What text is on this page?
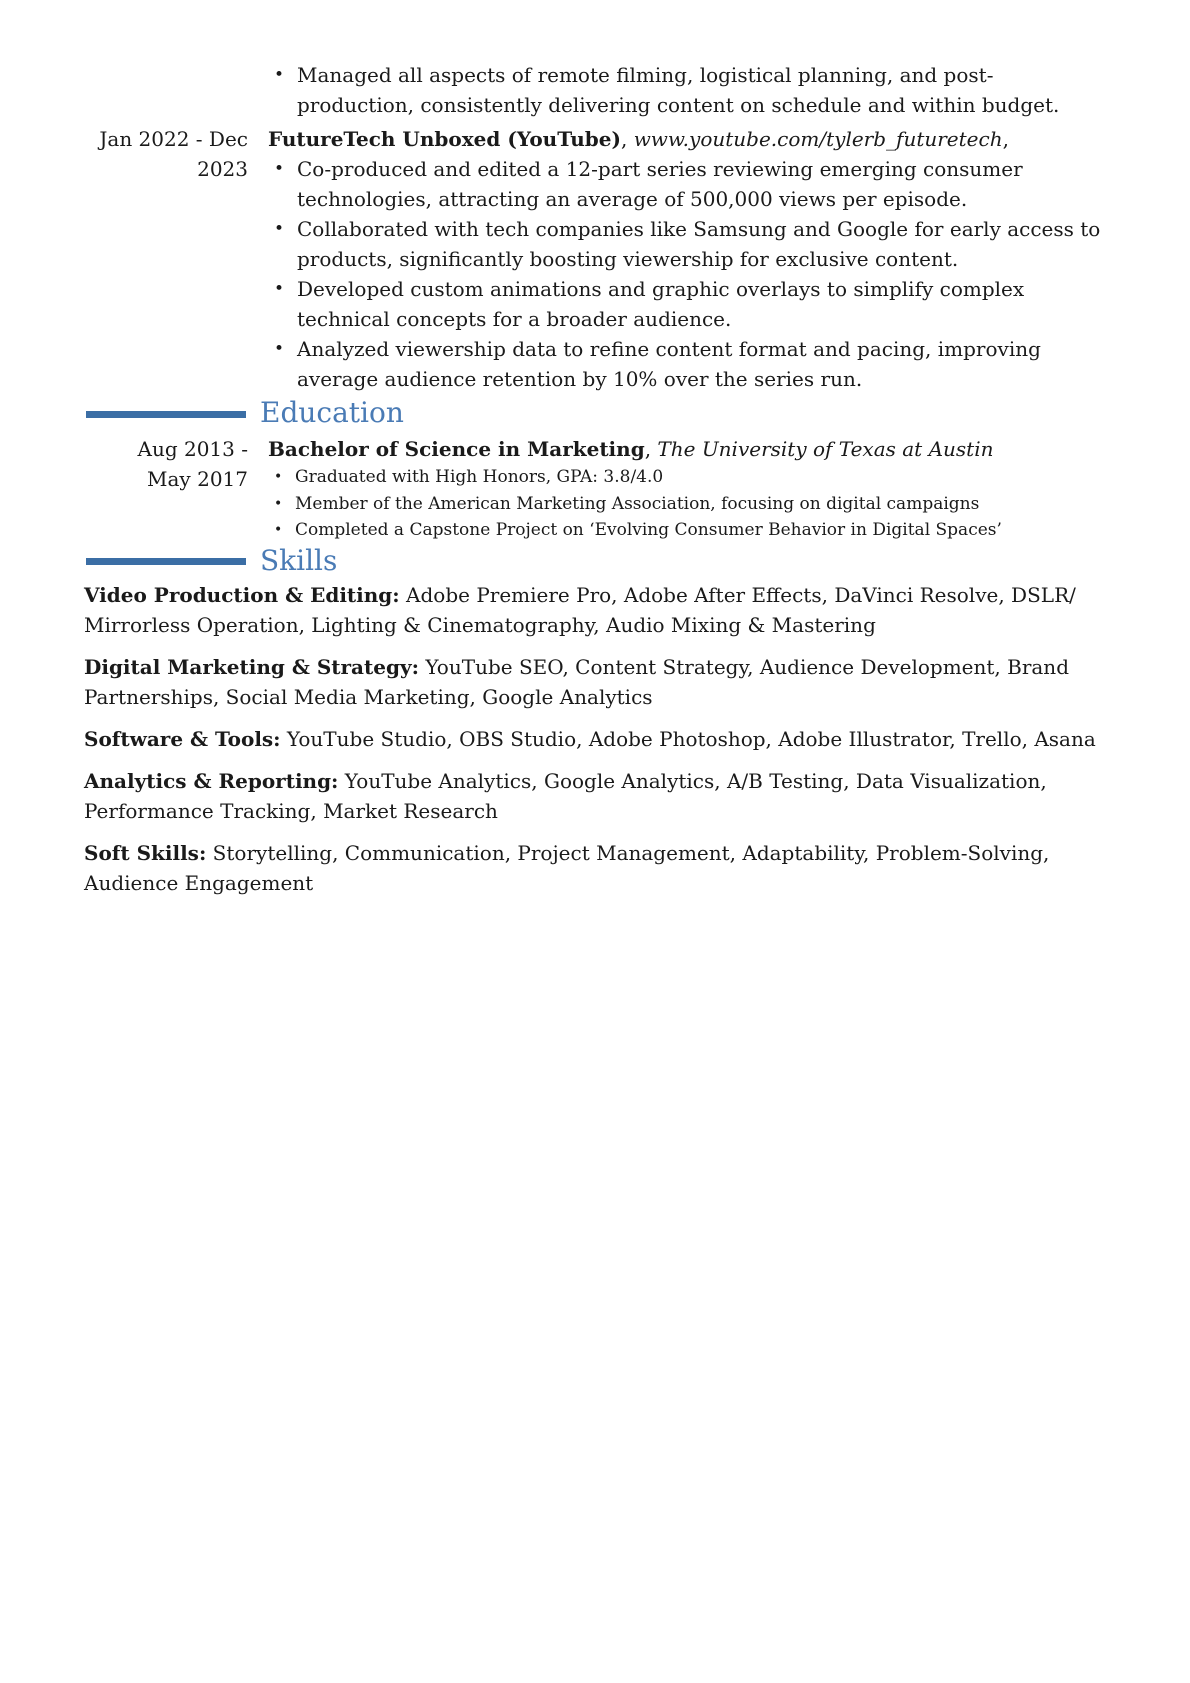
• Managed all aspects of remote filming, logistical planning, and post-production, consistently delivering content on schedule and within budget.
Jan 2022 - Dec
2023
FutureTech Unboxed (YouTube), www.youtube.com/tylerb_futuretech,
• Co-produced and edited a 12-part series reviewing emerging consumer technologies, attracting an average of 500,000 views per episode.
• Collaborated with tech companies like Samsung and Google for early access to products, significantly boosting viewership for exclusive content.
• Developed custom animations and graphic overlays to simplify complex technical concepts for a broader audience.
• Analyzed viewership data to refine content format and pacing, improving average audience retention by 10% over the series run.
Education
Aug 2013 -
May 2017
Bachelor of Science in Marketing, The University of Texas at Austin
• Graduated with High Honors, GPA: 3.8/4.0
• Member of the American Marketing Association, focusing on digital campaigns
• Completed a Capstone Project on ‘Evolving Consumer Behavior in Digital Spaces’
Skills
Video Production & Editing: Adobe Premiere Pro, Adobe After Effects, DaVinci Resolve, DSLR/ Mirrorless Operation, Lighting & Cinematography, Audio Mixing & Mastering
Digital Marketing & Strategy: YouTube SEO, Content Strategy, Audience Development, Brand Partnerships, Social Media Marketing, Google Analytics
Software & Tools: YouTube Studio, OBS Studio, Adobe Photoshop, Adobe Illustrator, Trello, Asana
Analytics & Reporting: YouTube Analytics, Google Analytics, A/B Testing, Data Visualization, Performance Tracking, Market Research
Soft Skills: Storytelling, Communication, Project Management, Adaptability, Problem-Solving, Audience Engagement
